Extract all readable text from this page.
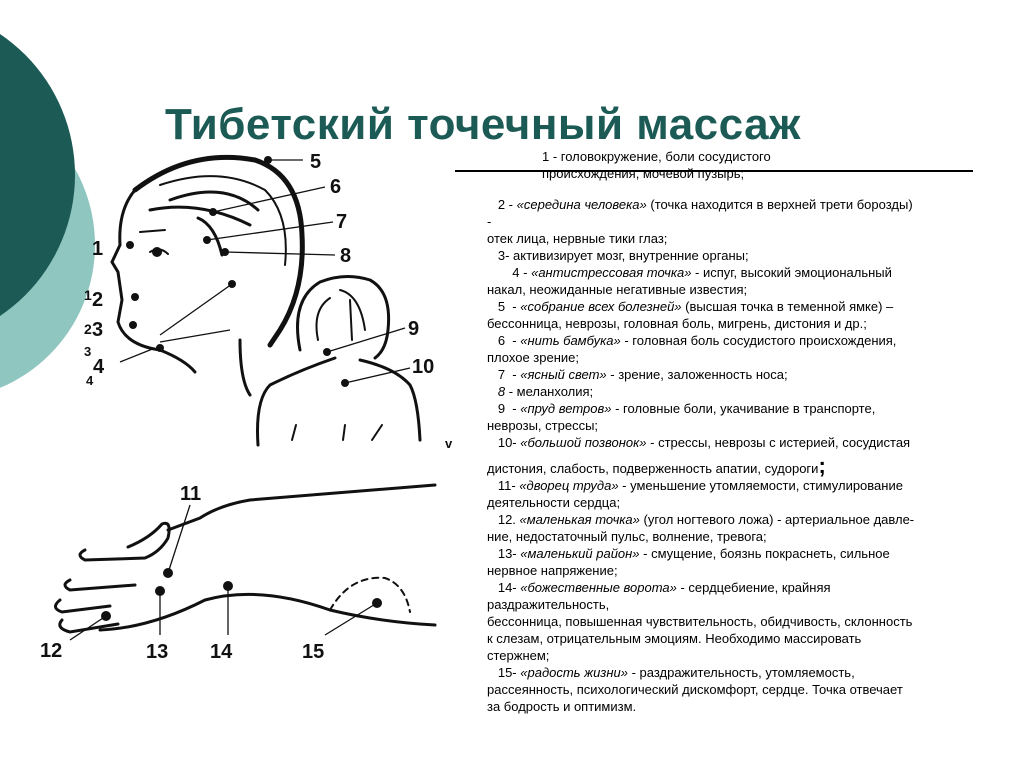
Тибетский точечный массаж
5
6
7
8
1
2
1
3
2
3
4
4
9
10
v
11
12	13 14	15
1 - головокружение, боли сосудистого происхождения, мочевой пузырь;
2 - «середина человека» (точка находится в верхней трети борозды)
-
отек лица, нервные тики глаз;
3- активизирует мозг, внутренние органы;
4 - «антистрессовая точка» - испуг, высокий эмоциональный
накал, неожиданные негативные известия;
5  - «собрание всех болезней» (высшая точка в теменной ямке) –
бессонница, неврозы, головная боль, мигрень, дистония и др.;
6  - «нить бамбука» - головная боль сосудистого происхождения,
плохое зрение;
7  - «ясный свет» - зрение, заложенность носа;
8 - меланхолия;
9  - «пруд ветров» - головные боли, укачивание в транспорте,
неврозы, стрессы;
10- «большой позвонок» - стрессы, неврозы с истерией, сосудистая
дистония, слабость, подверженность апатии, судороги;
11- «дворец труда» - уменьшение утомляемости, стимулирование
деятельности сердца;
12. «маленькая точка» (угол ногтевого ложа) - артериальное давле-
ние, недостаточный пульс, волнение, тревога;
13- «маленький район» - смущение, боязнь покраснеть, сильное
нервное напряжение;
14- «божественные ворота» - сердцебиение, крайняя
раздражительность,
бессонница, повышенная чувствительность, обидчивость, склонность
к слезам, отрицательным эмоциям. Необходимо массировать
стержнем;
15- «радость жизни» - раздражительность, утомляемость,
рассеянность, психологический дискомфорт, сердце. Точка отвечает
за бодрость и оптимизм.
